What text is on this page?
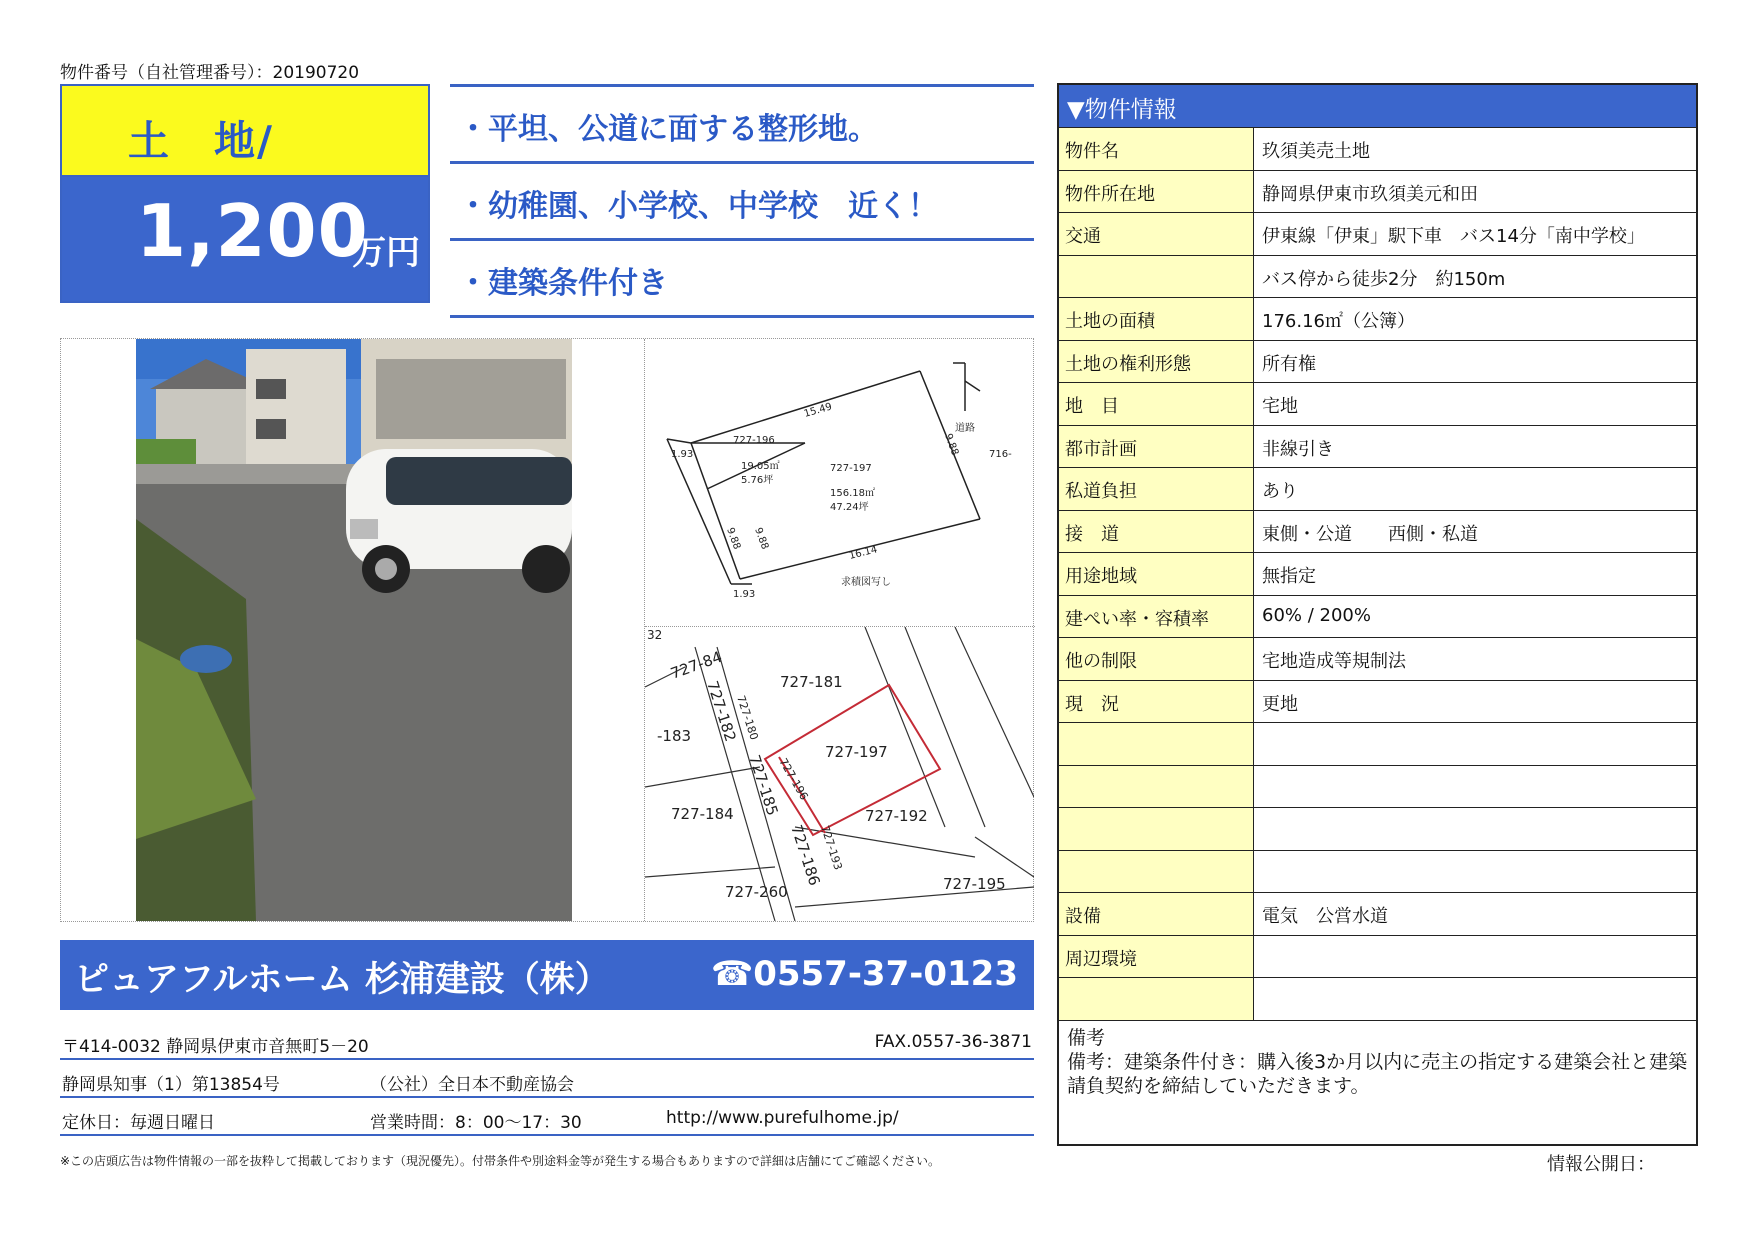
物件番号（自社管理番号）：20190720
土　地/
1,200
万円
・平坦、公道に面する整形地。
・幼稚園、小学校、中学校　近く！
・建築条件付き
727-196
19.05㎡
5.76坪
727-197
156.18㎡
47.24坪
15.49
16.14
9.88 9.88
9.88
1.93
1.93
道路
716-
求積図写し
727-84	727-181
727-182
727-180
-183
727-197
727-185
727-196
727-184	727-192
727-186
727-193
727-260	727-195
32
ピュアフルホーム 杉浦建設（株）	☎0557-37-0123
〒414-0032 静岡県伊東市音無町5－20	FAX.0557-36-3871
静岡県知事（1）第13854号	（公社）全日本不動産協会
定休日：毎週日曜日	営業時間：8：00～17：30	http://www.purefulhome.jp/
※この店頭広告は物件情報の一部を抜粋して掲載しております（現況優先）。付帯条件や別途料金等が発生する場合もありますので詳細は店舗にてご確認ください。
▼物件情報
物件名	玖須美売土地
物件所在地	静岡県伊東市玖須美元和田
交通	伊東線「伊東」駅下車　バス14分「南中学校」
バス停から徒歩2分　約150m
土地の面積	176.16㎡（公簿）
土地の権利形態	所有権
地　目	宅地
都市計画	非線引き
私道負担	あり
接　道	東側・公道　　西側・私道
用途地域	無指定
建ぺい率・容積率	60% / 200%
他の制限	宅地造成等規制法
現　況	更地
設備	電気　公営水道
周辺環境
備考
備考：建築条件付き：購入後3か月以内に売主の指定する建築会社と建築請負契約を締結していただきます。
情報公開日：
